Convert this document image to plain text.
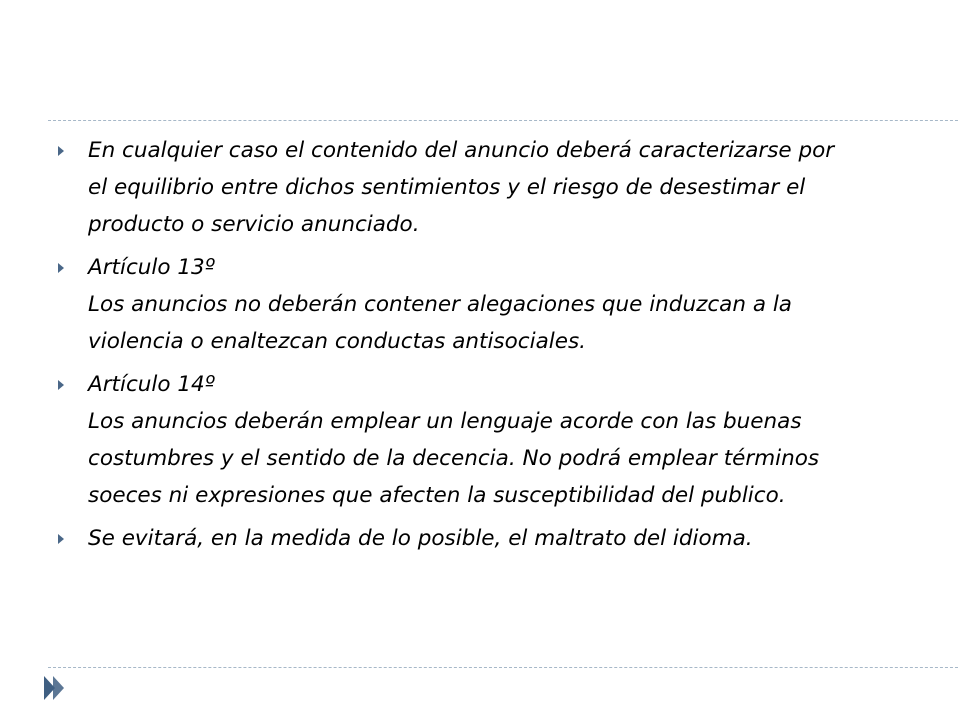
En cualquier caso el contenido del anuncio deberá caracterizarse por el equilibrio entre dichos sentimientos y el riesgo de desestimar el producto o servicio anunciado.
Artículo 13º
Los anuncios no deberán contener alegaciones que induzcan a la violencia o enaltezcan conductas antisociales.
Artículo 14º
Los anuncios deberán emplear un lenguaje acorde con las buenas costumbres y el sentido de la decencia. No podrá emplear términos soeces ni expresiones que afecten la susceptibilidad del publico.
Se evitará, en la medida de lo posible, el maltrato del idioma.
